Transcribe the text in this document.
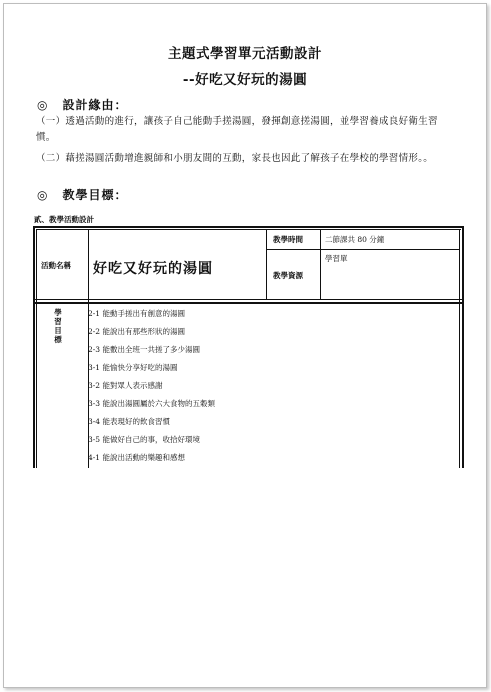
主題式學習單元活動設計
--好吃又好玩的湯圓
◎ 設計緣由：
（一）透過活動的進行，讓孩子自己能動手搓湯圓，發揮創意搓湯圓，並學習養成良好衛生習慣。
（二）藉搓湯圓活動增進親師和小朋友間的互動，家長也因此了解孩子在學校的學習情形。。
◎ 教學目標：
貳、教學活動設計
活動名稱 好吃又好玩的湯圓
教學時間	二節課共 80 分鐘
教學資源
學習單
學習目標
2-1 能動手搓出有創意的湯圓
2-2 能說出有那些形狀的湯圓
2-3 能數出全班一共搓了多少湯圓
3-1 能愉快分享好吃的湯圓
3-2 能對眾人表示感謝
3-3 能說出湯圓屬於六大食物的五穀類
3-4 能表現好的飲食習慣
3-5 能做好自己的事，收拾好環境
4-1 能說出活動的樂趣和感想
